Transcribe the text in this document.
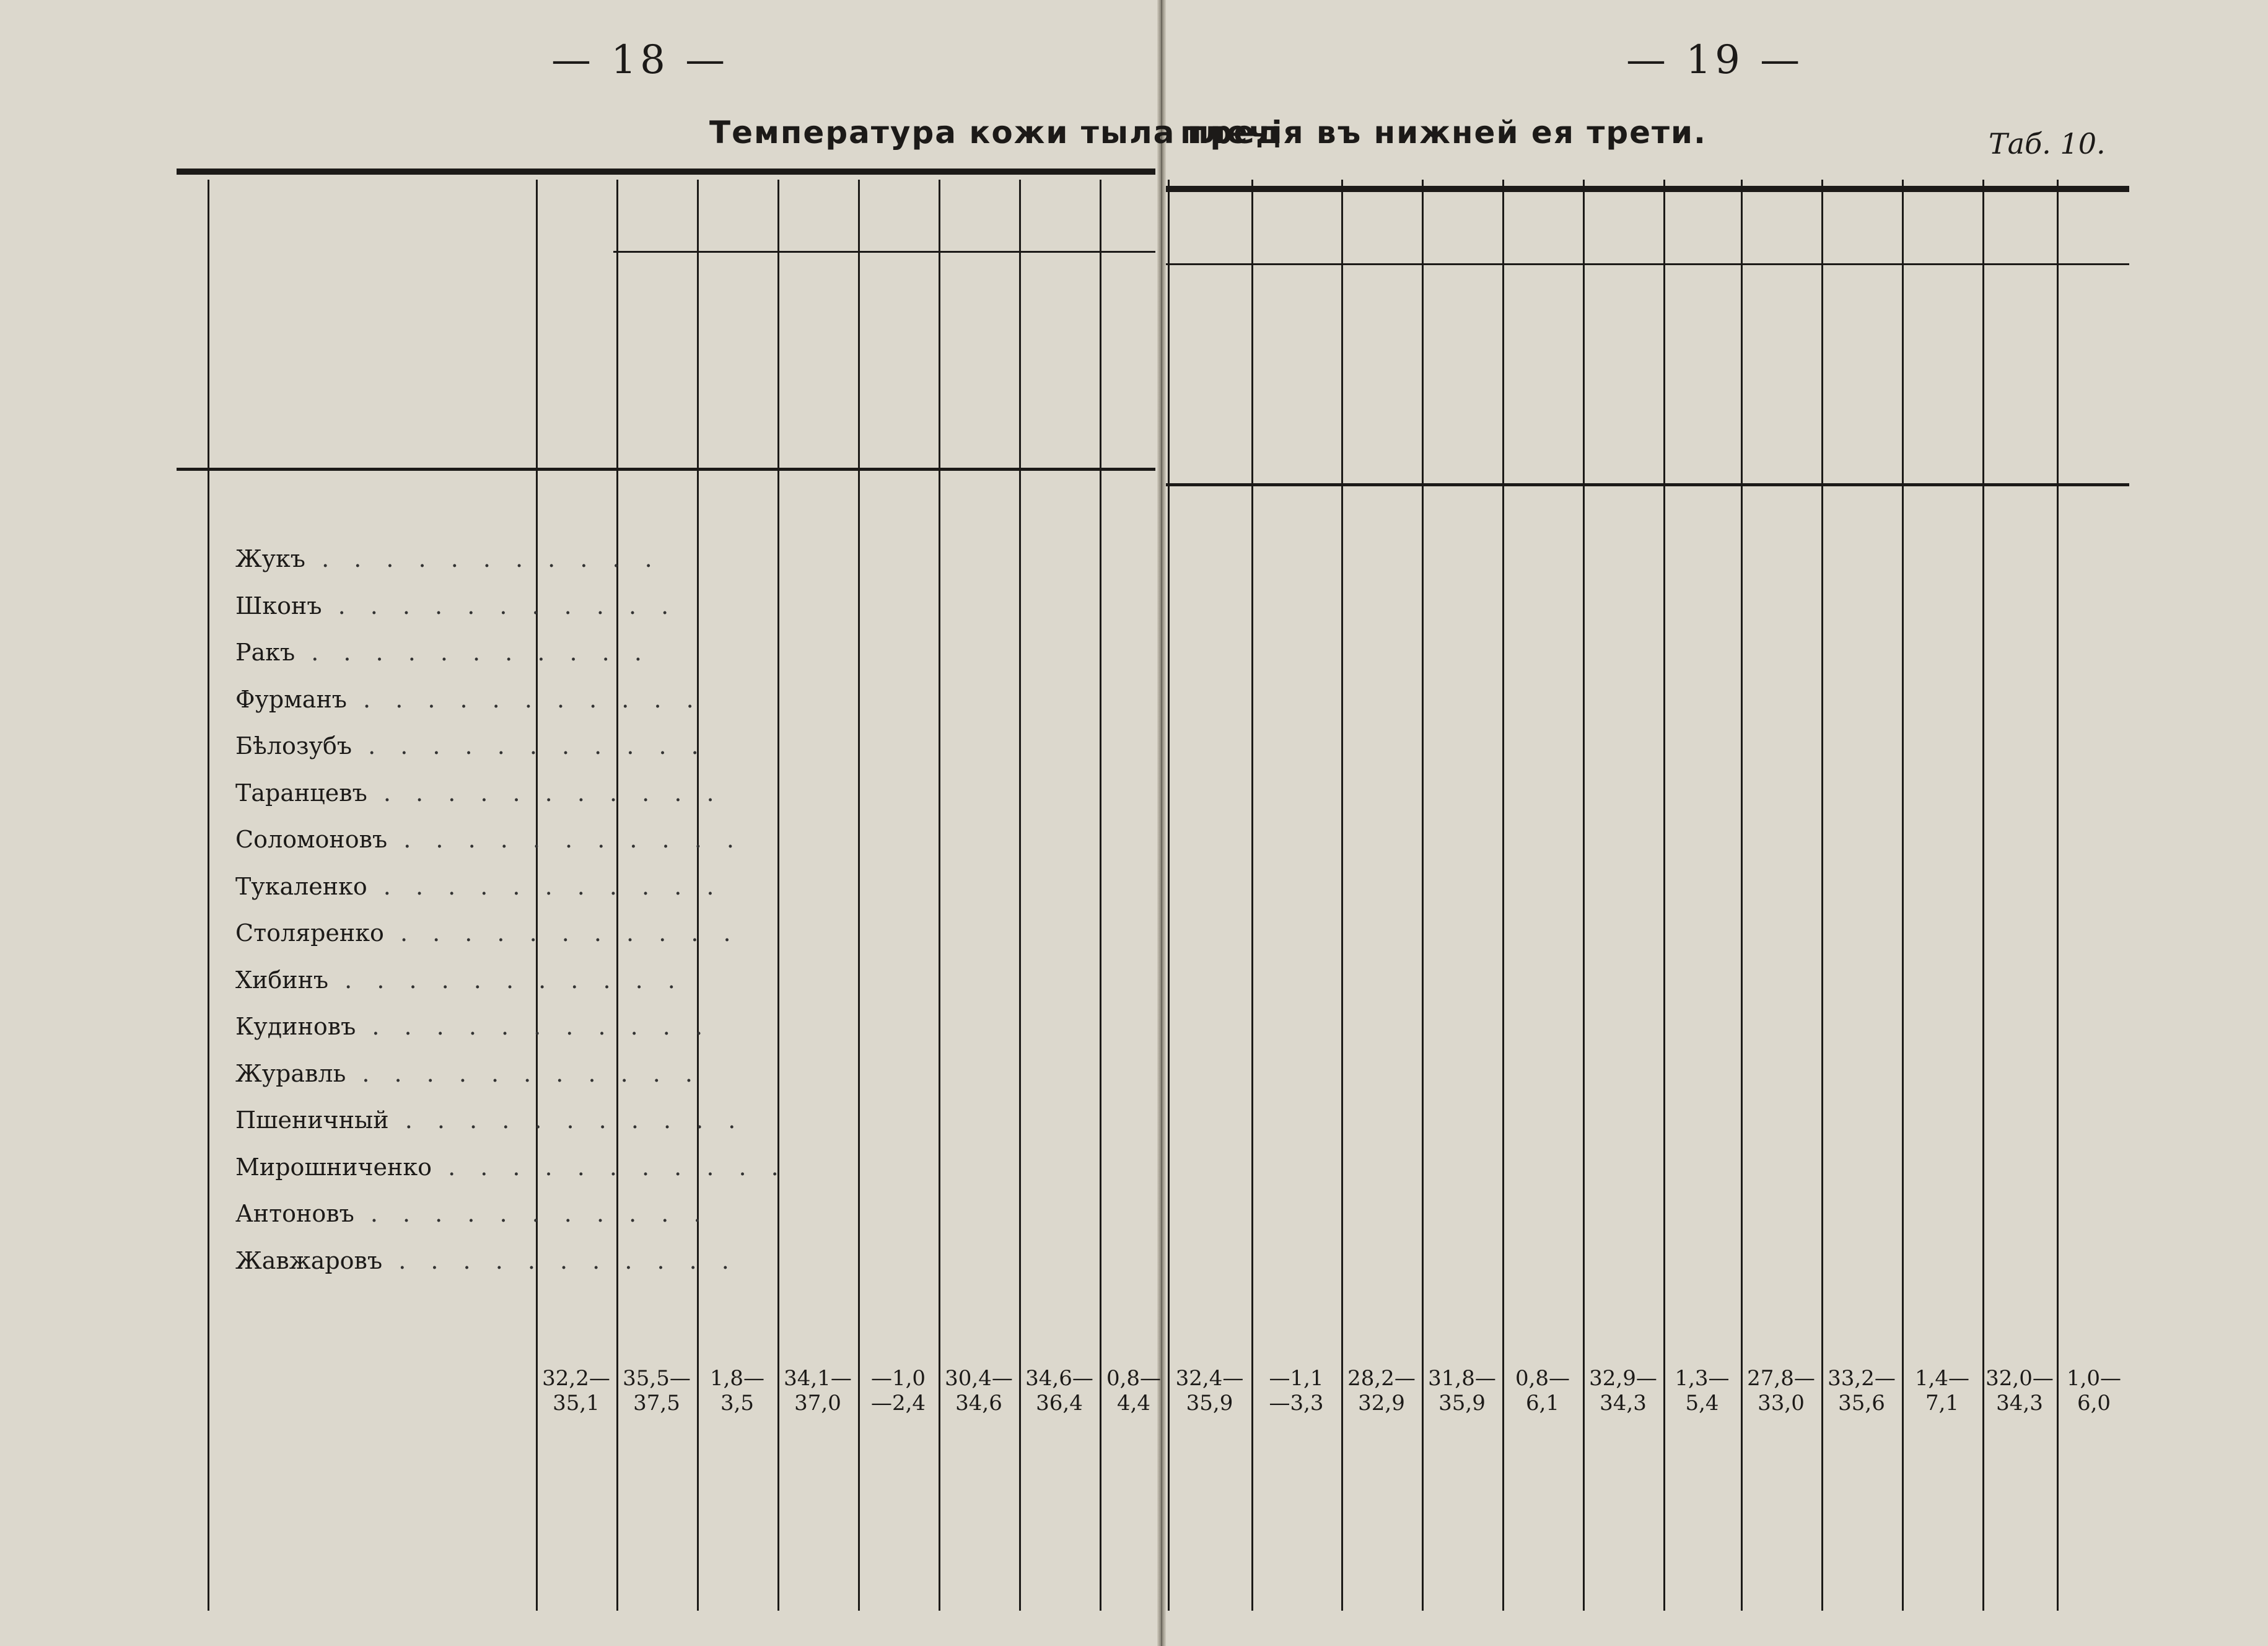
— 18 —	— 19 —
Температура кожи тыла пред
плечія въ нижней ея трети.	Таб. 10.
Жукъ . . . . . . . . . . .
Шконъ . . . . . . . . . . .
Ракъ . . . . . . . . . . .
Фурманъ . . . . . . . . . . .
Бѣлозубъ . . . . . . . . . . .
Таранцевъ . . . . . . . . . . .
Соломоновъ . . . . . . . . . . .
Тукаленко . . . . . . . . . . .
Столяренко . . . . . . . . . . .
Хибинъ . . . . . . . . . . .
Кудиновъ . . . . . . . . . . .
Журавль . . . . . . . . . . .
Пшеничный . . . . . . . . . . .
Мирошниченко . . . . . . . . . . .
Антоновъ . . . . . . . . . . .
Жавжаровъ . . . . . . . . . . .
32,2—
35,1
35,5—
37,5
1,8—
3,5
34,1—
37,0
—1,0
—2,4
30,4—
34,6
34,6—
36,4
0,8—
4,4
32,4—
35,9
—1,1
—3,3
28,2—
32,9
31,8—
35,9
0,8—
6,1
32,9—
34,3
1,3—
5,4
27,8—
33,0
33,2—
35,6
1,4—
7,1
32,0—
34,3
1,0—
6,0
